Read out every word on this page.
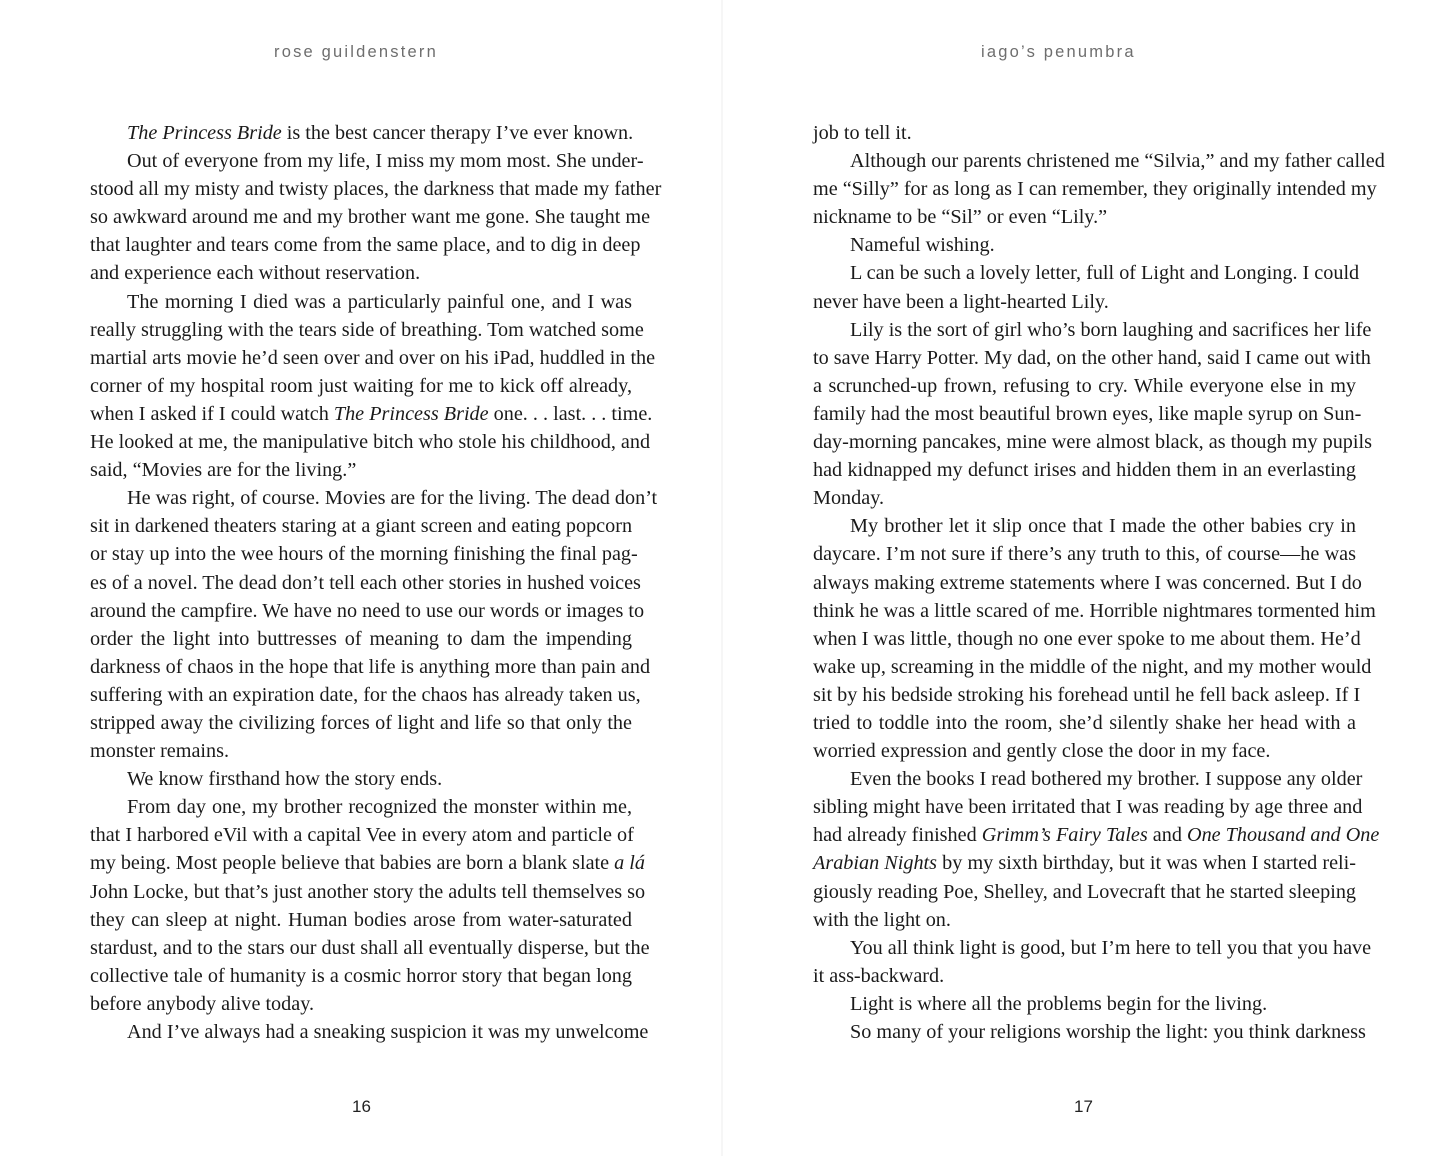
rose guildenstern
The Princess Bride is the best cancer therapy I’ve ever known.
Out of everyone from my life, I miss my mom most. She under-
stood all my misty and twisty places, the darkness that made my father
so awkward around me and my brother want me gone. She taught me
that laughter and tears come from the same place, and to dig in deep
and experience each without reservation.
The morning I died was a particularly painful one, and I was
really struggling with the tears side of breathing. Tom watched some
martial arts movie he’d seen over and over on his iPad, huddled in the
corner of my hospital room just waiting for me to kick off already,
when I asked if I could watch The Princess Bride one. . . last. . . time.
He looked at me, the manipulative bitch who stole his childhood, and
said, “Movies are for the living.”
He was right, of course. Movies are for the living. The dead don’t
sit in darkened theaters staring at a giant screen and eating popcorn
or stay up into the wee hours of the morning finishing the final pag-
es of a novel. The dead don’t tell each other stories in hushed voices
around the campfire. We have no need to use our words or images to
order the light into buttresses of meaning to dam the impending
darkness of chaos in the hope that life is anything more than pain and
suffering with an expiration date, for the chaos has already taken us,
stripped away the civilizing forces of light and life so that only the
monster remains.
We know firsthand how the story ends.
From day one, my brother recognized the monster within me,
that I harbored eVil with a capital Vee in every atom and particle of
my being. Most people believe that babies are born a blank slate a lá
John Locke, but that’s just another story the adults tell themselves so
they can sleep at night. Human bodies arose from water-saturated
stardust, and to the stars our dust shall all eventually disperse, but the
collective tale of humanity is a cosmic horror story that began long
before anybody alive today.
And I’ve always had a sneaking suspicion it was my unwelcome
16
iago’s penumbra
job to tell it.
Although our parents christened me “Silvia,” and my father called
me “Silly” for as long as I can remember, they originally intended my
nickname to be “Sil” or even “Lily.”
Nameful wishing.
L can be such a lovely letter, full of Light and Longing. I could
never have been a light-hearted Lily.
Lily is the sort of girl who’s born laughing and sacrifices her life
to save Harry Potter. My dad, on the other hand, said I came out with
a scrunched-up frown, refusing to cry. While everyone else in my
family had the most beautiful brown eyes, like maple syrup on Sun-
day-morning pancakes, mine were almost black, as though my pupils
had kidnapped my defunct irises and hidden them in an everlasting
Monday.
My brother let it slip once that I made the other babies cry in
daycare. I’m not sure if there’s any truth to this, of course—he was
always making extreme statements where I was concerned. But I do
think he was a little scared of me. Horrible nightmares tormented him
when I was little, though no one ever spoke to me about them. He’d
wake up, screaming in the middle of the night, and my mother would
sit by his bedside stroking his forehead until he fell back asleep. If I
tried to toddle into the room, she’d silently shake her head with a
worried expression and gently close the door in my face.
Even the books I read bothered my brother. I suppose any older
sibling might have been irritated that I was reading by age three and
had already finished Grimm’s Fairy Tales and One Thousand and One
Arabian Nights by my sixth birthday, but it was when I started reli-
giously reading Poe, Shelley, and Lovecraft that he started sleeping
with the light on.
You all think light is good, but I’m here to tell you that you have
it ass-backward.
Light is where all the problems begin for the living.
So many of your religions worship the light: you think darkness
17
